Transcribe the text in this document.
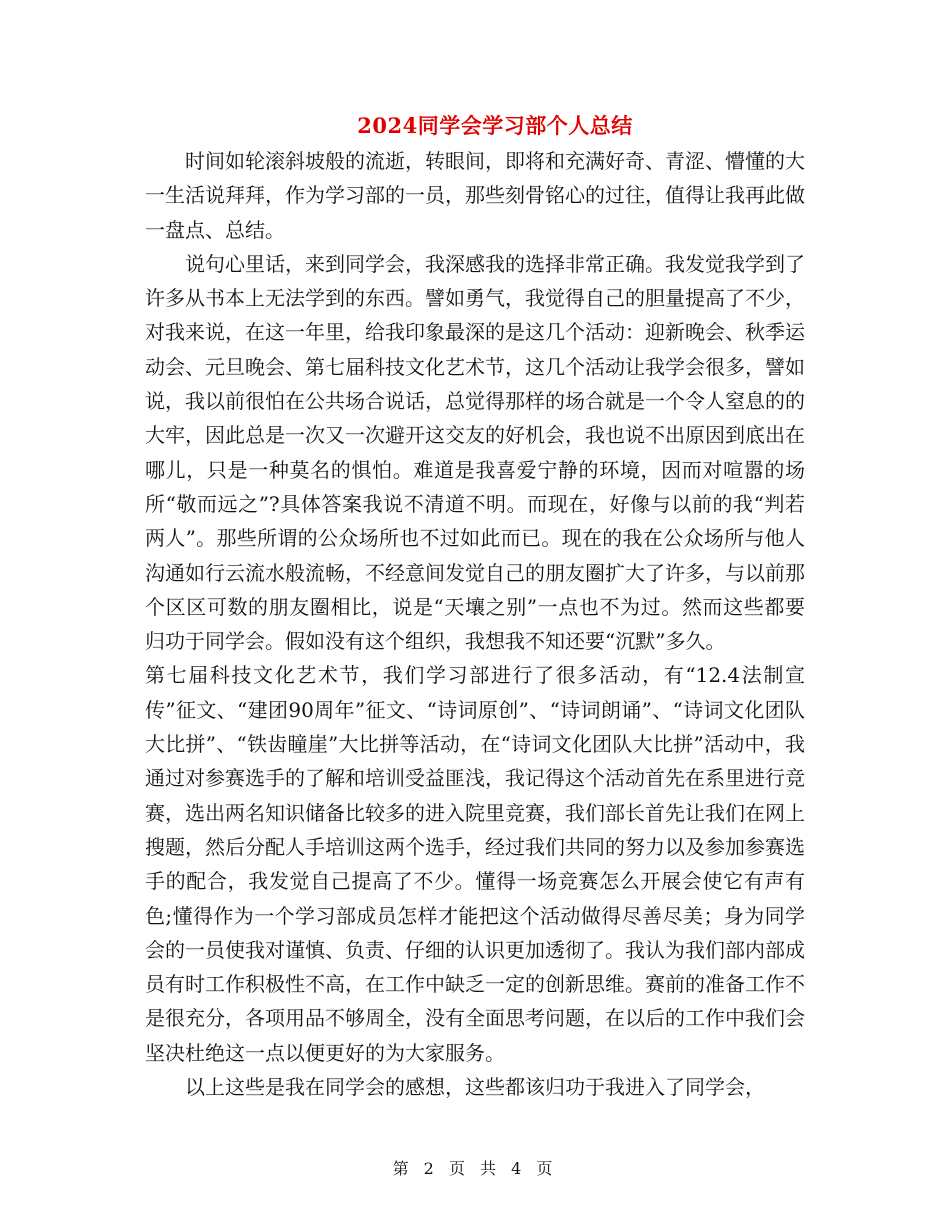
2024同学会学习部个人总结

时间如轮滚斜坡般的流逝，转眼间，即将和充满好奇、青涩、懵懂的大一生活说拜拜，作为学习部的一员，那些刻骨铭心的过往，值得让我再此做一盘点、总结。

说句心里话，来到同学会，我深感我的选择非常正确。我发觉我学到了许多从书本上无法学到的东西。譬如勇气，我觉得自己的胆量提高了不少，对我来说，在这一年里，给我印象最深的是这几个活动：迎新晚会、秋季运动会、元旦晚会、第七届科技文化艺术节，这几个活动让我学会很多，譬如说，我以前很怕在公共场合说话，总觉得那样的场合就是一个令人窒息的的大牢，因此总是一次又一次避开这交友的好机会，我也说不出原因到底出在哪儿，只是一种莫名的惧怕。难道是我喜爱宁静的环境，因而对喧嚣的场所“敬而远之”?具体答案我说不清道不明。而现在，好像与以前的我“判若两人”。那些所谓的公众场所也不过如此而已。现在的我在公众场所与他人沟通如行云流水般流畅，不经意间发觉自己的朋友圈扩大了许多，与以前那个区区可数的朋友圈相比，说是“天壤之别”一点也不为过。然而这些都要归功于同学会。假如没有这个组织，我想我不知还要“沉默”多久。

第七届科技文化艺术节，我们学习部进行了很多活动，有“12.4法制宣传”征文、“建团90周年”征文、“诗词原创”、“诗词朗诵”、“诗词文化团队大比拼”、“铁齿瞳崖”大比拼等活动，在“诗词文化团队大比拼”活动中，我通过对参赛选手的了解和培训受益匪浅，我记得这个活动首先在系里进行竞赛，选出两名知识储备比较多的进入院里竞赛，我们部长首先让我们在网上搜题，然后分配人手培训这两个选手，经过我们共同的努力以及参加参赛选手的配合，我发觉自己提高了不少。懂得一场竞赛怎么开展会使它有声有色;懂得作为一个学习部成员怎样才能把这个活动做得尽善尽美；身为同学会的一员使我对谨慎、负责、仔细的认识更加透彻了。我认为我们部内部成员有时工作积极性不高，在工作中缺乏一定的创新思维。赛前的准备工作不是很充分，各项用品不够周全，没有全面思考问题，在以后的工作中我们会坚决杜绝这一点以便更好的为大家服务。

以上这些是我在同学会的感想，这些都该归功于我进入了同学会，

第 2 页 共 4 页
